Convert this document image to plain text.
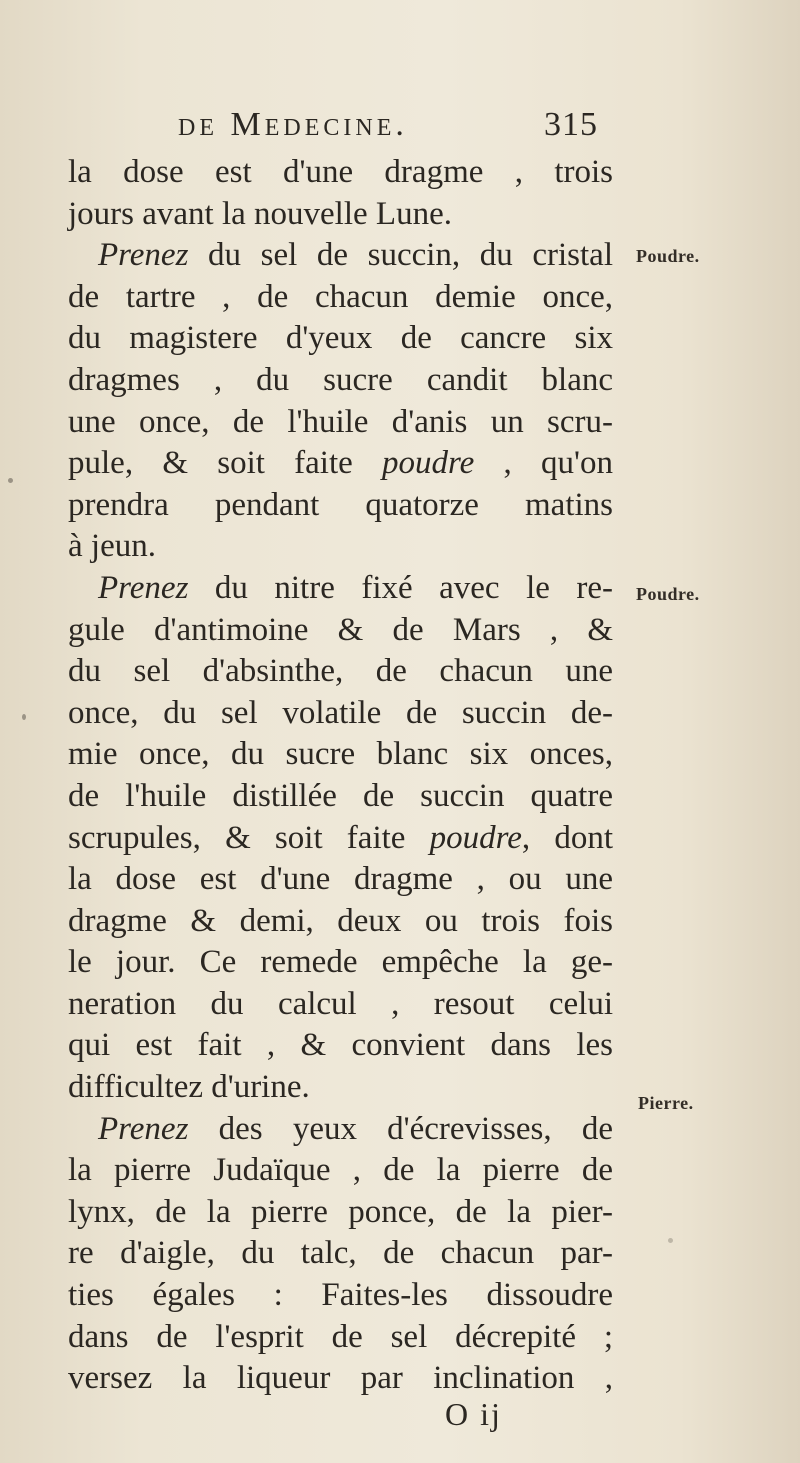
de Medecine.	315
la dose est d'une dragme , trois
jours avant la nouvelle Lune.
Prenez du sel de succin, du cristal
de tartre , de chacun demie once,
du magistere d'yeux de cancre six
dragmes , du sucre candit blanc
une once, de l'huile d'anis un scru-
pule, & soit faite poudre , qu'on
prendra pendant quatorze matins
à jeun.
Prenez du nitre fixé avec le re-
gule d'antimoine & de Mars , &
du sel d'absinthe, de chacun une
once, du sel volatile de succin de-
mie once, du sucre blanc six onces,
de l'huile distillée de succin quatre
scrupules, & soit faite poudre, dont
la dose est d'une dragme , ou une
dragme & demi, deux ou trois fois
le jour. Ce remede empêche la ge-
neration du calcul , resout celui
qui est fait , & convient dans les
difficultez d'urine.
Prenez des yeux d'écrevisses, de
la pierre Judaïque , de la pierre de
lynx, de la pierre ponce, de la pier-
re d'aigle, du talc, de chacun par-
ties égales : Faites-les dissoudre
dans de l'esprit de sel décrepité ;
versez la liqueur par inclination ,
Poudre.
Poudre.
Pierre.
O ij
